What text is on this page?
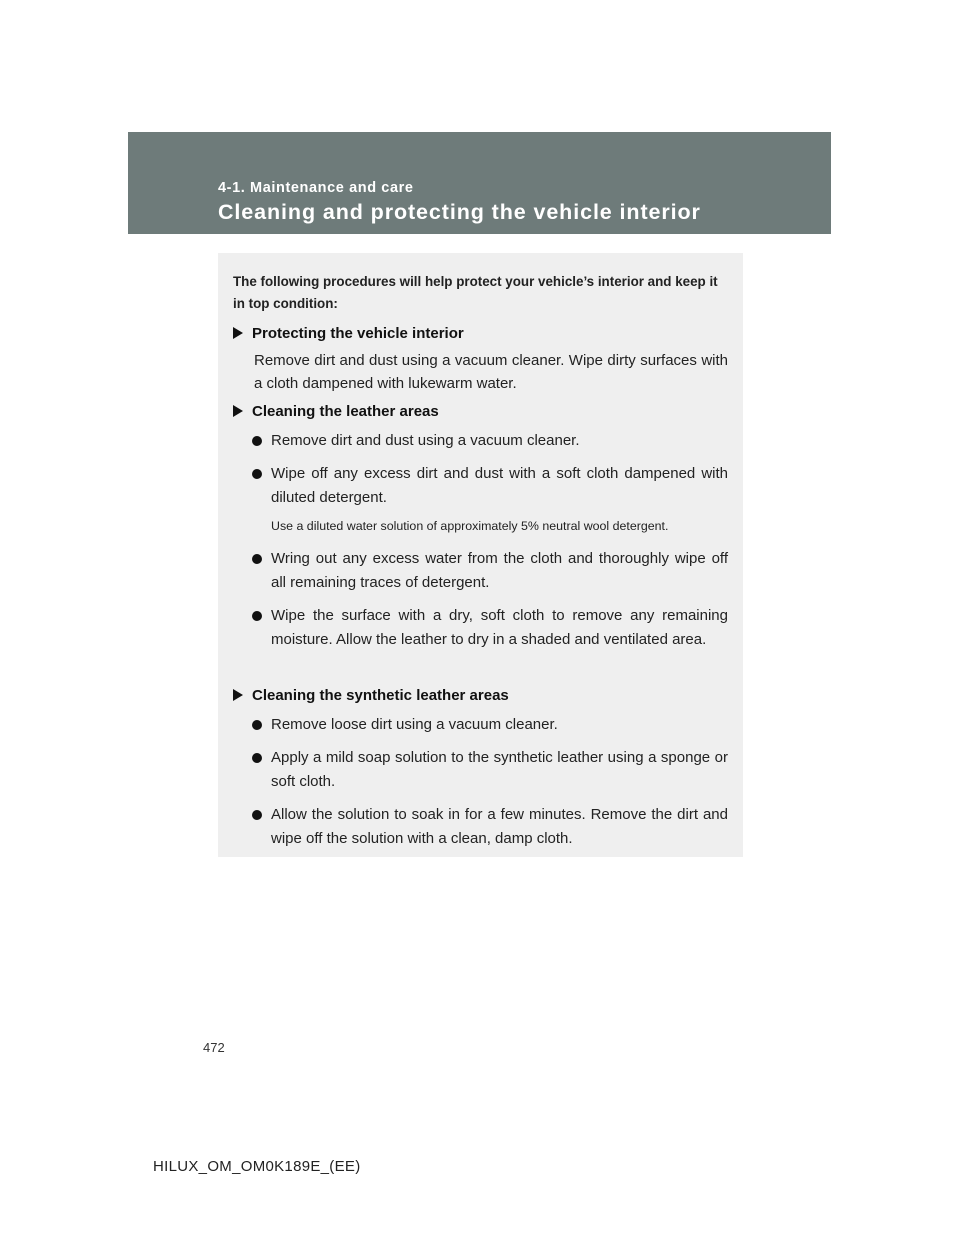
4-1. Maintenance and care
Cleaning and protecting the vehicle interior
The following procedures will help protect your vehicle’s interior and keep it in top condition:
Protecting the vehicle interior
Remove dirt and dust using a vacuum cleaner. Wipe dirty surfaces with a cloth dampened with lukewarm water.
Cleaning the leather areas
Remove dirt and dust using a vacuum cleaner.
Wipe off any excess dirt and dust with a soft cloth dampened with diluted detergent.
Use a diluted water solution of approximately 5% neutral wool detergent.
Wring out any excess water from the cloth and thoroughly wipe off all remaining traces of detergent.
Wipe the surface with a dry, soft cloth to remove any remaining moisture. Allow the leather to dry in a shaded and ventilated area.
Cleaning the synthetic leather areas
Remove loose dirt using a vacuum cleaner.
Apply a mild soap solution to the synthetic leather using a sponge or soft cloth.
Allow the solution to soak in for a few minutes. Remove the dirt and wipe off the solution with a clean, damp cloth.
472
HILUX_OM_OM0K189E_(EE)
